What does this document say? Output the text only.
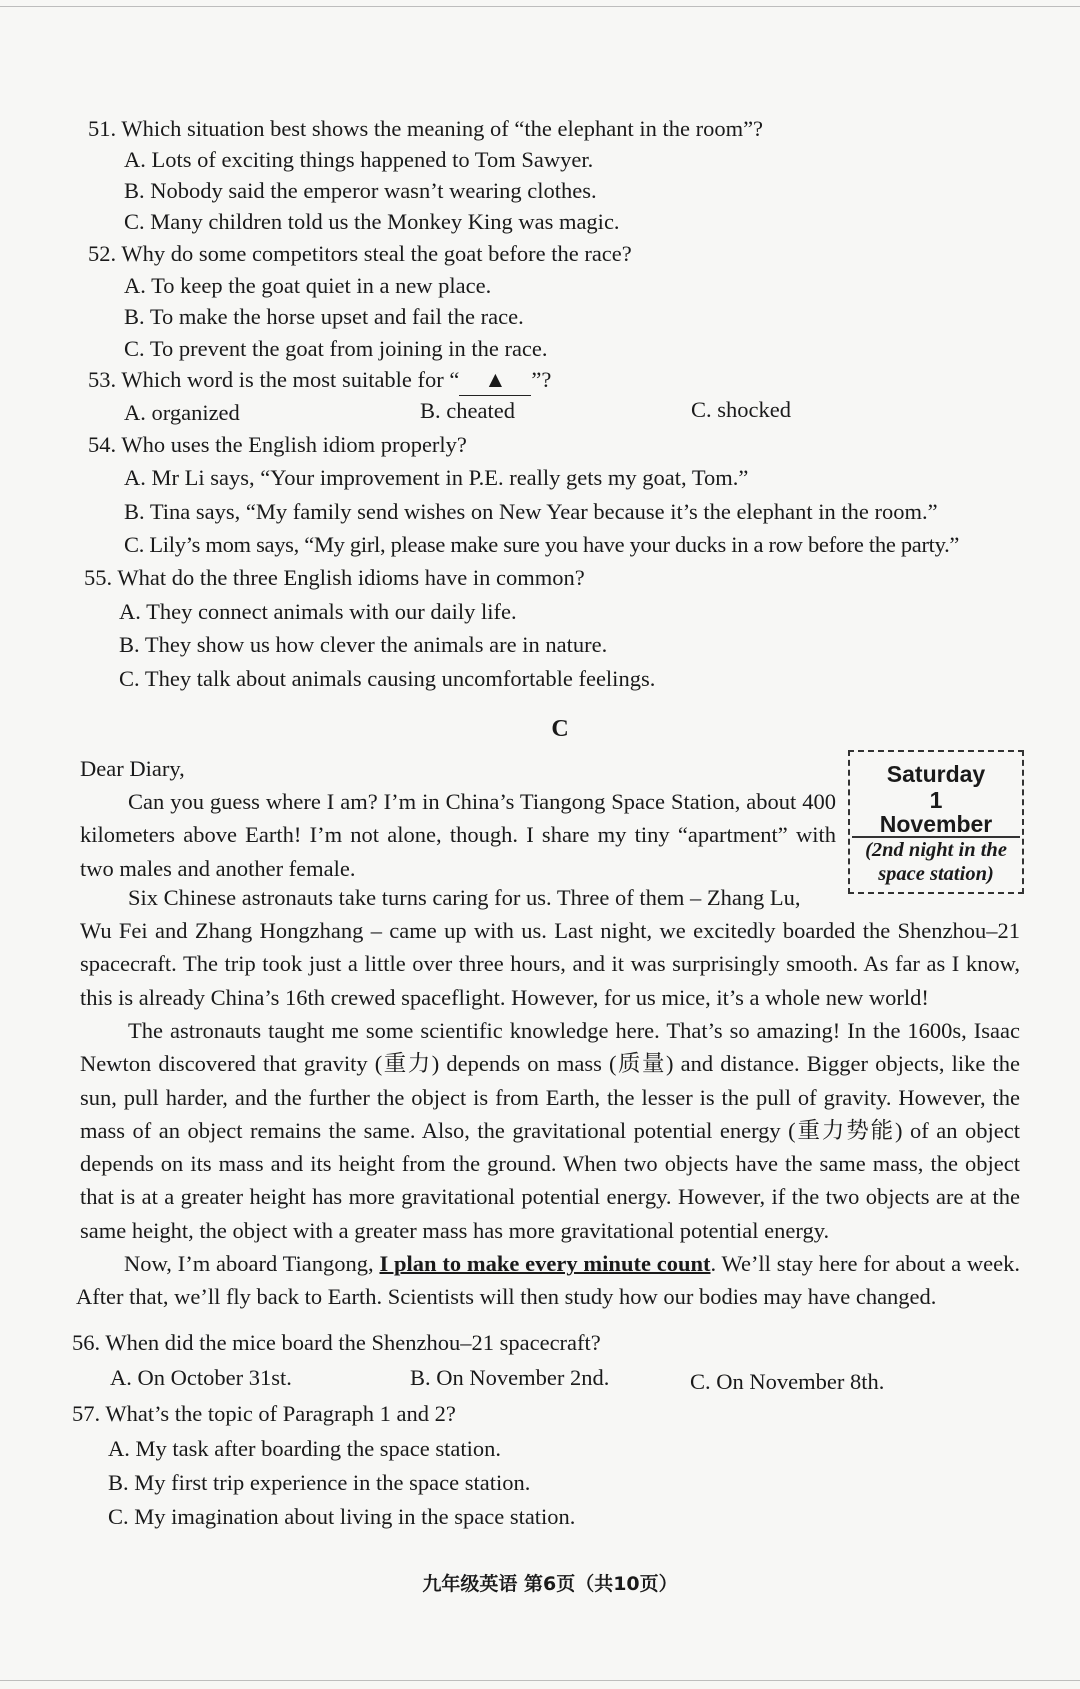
51. Which situation best shows the meaning of “the elephant in the room”?
A. Lots of exciting things happened to Tom Sawyer.
B. Nobody said the emperor wasn’t wearing clothes.
C. Many children told us the Monkey King was magic.
52. Why do some competitors steal the goat before the race?
A. To keep the goat quiet in a new place.
B. To make the horse upset and fail the race.
C. To prevent the goat from joining in the race.
53. Which word is the most suitable for “ ▲ ”?
A. organized	B. cheated	C. shocked
54. Who uses the English idiom properly?
A. Mr Li says, “Your improvement in P.E. really gets my goat, Tom.”
B. Tina says, “My family send wishes on New Year because it’s the elephant in the room.”
C. Lily’s mom says, “My girl, please make sure you have your ducks in a row before the party.”
55. What do the three English idioms have in common?
A. They connect animals with our daily life.
B. They show us how clever the animals are in nature.
C. They talk about animals causing uncomfortable feelings.
C
Dear Diary,	Saturday
1
November
(2nd night in the space station)
Can you guess where I am? I’m in China’s Tiangong Space Station, about 400 kilometers above Earth! I’m not alone, though. I share my tiny “apartment” with two males and another female.
Six Chinese astronauts take turns caring for us. Three of them – Zhang Lu,
Wu Fei and Zhang Hongzhang – came up with us. Last night, we excitedly boarded the Shenzhou–21 spacecraft. The trip took just a little over three hours, and it was surprisingly smooth. As far as I know, this is already China’s 16th crewed spaceflight. However, for us mice, it’s a whole new world!
The astronauts taught me some scientific knowledge here. That’s so amazing! In the 1600s, Isaac Newton discovered that gravity (重力) depends on mass (质量) and distance. Bigger objects, like the sun, pull harder, and the further the object is from Earth, the lesser is the pull of gravity. However, the mass of an object remains the same. Also, the gravitational potential energy (重力势能) of an object depends on its mass and its height from the ground. When two objects have the same mass, the object that is at a greater height has more gravitational potential energy. However, if the two objects are at the same height, the object with a greater mass has more gravitational potential energy.
Now, I’m aboard Tiangong, I plan to make every minute count. We’ll stay here for about a week. After that, we’ll fly back to Earth. Scientists will then study how our bodies may have changed.
56. When did the mice board the Shenzhou–21 spacecraft?
A. On October 31st.	B. On November 2nd.	C. On November 8th.
57. What’s the topic of Paragraph 1 and 2?
A. My task after boarding the space station.
B. My first trip experience in the space station.
C. My imagination about living in the space station.
九年级英语 第6页（共10页）
